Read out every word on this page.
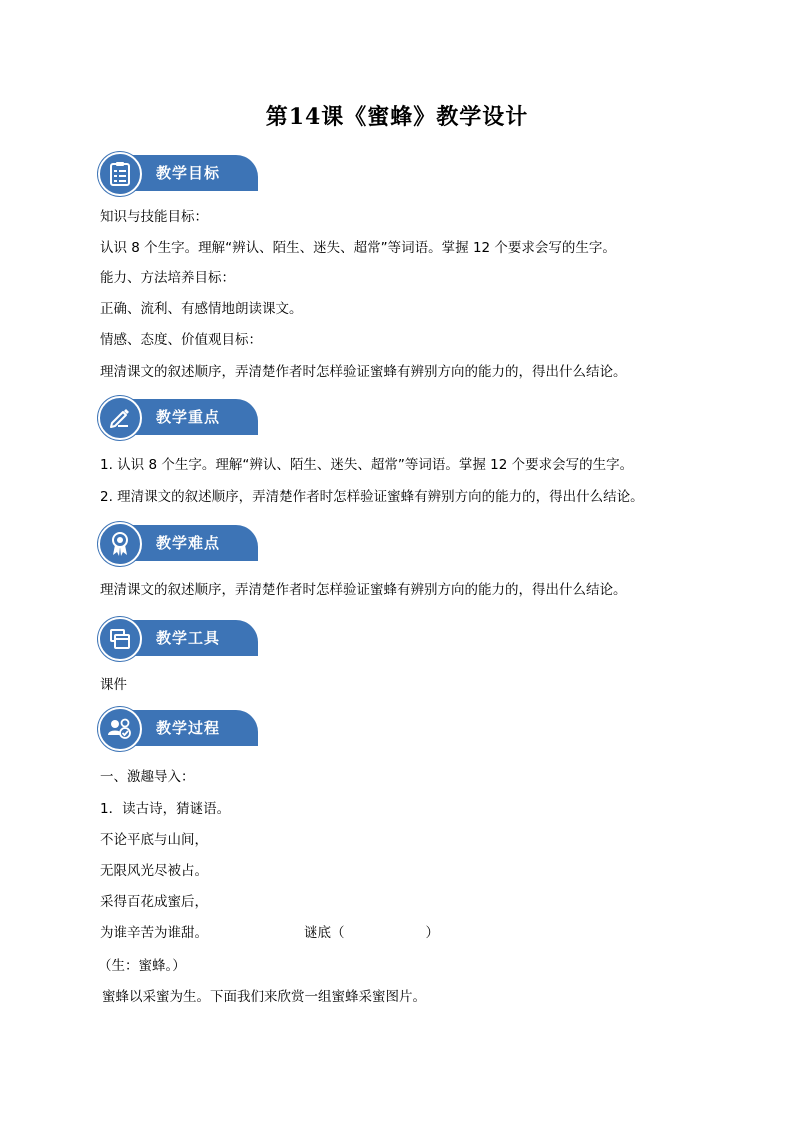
第14课《蜜蜂》教学设计
教学目标
知识与技能目标：
认识 8 个生字。理解“辨认、陌生、迷失、超常”等词语。掌握 12 个要求会写的生字。
能力、方法培养目标：
正确、流利、有感情地朗读课文。
情感、态度、价值观目标：
理清课文的叙述顺序，弄清楚作者时怎样验证蜜蜂有辨别方向的能力的，得出什么结论。
教学重点
1. 认识 8 个生字。理解“辨认、陌生、迷失、超常”等词语。掌握 12 个要求会写的生字。
2. 理清课文的叙述顺序，弄清楚作者时怎样验证蜜蜂有辨别方向的能力的，得出什么结论。
教学难点
理清课文的叙述顺序，弄清楚作者时怎样验证蜜蜂有辨别方向的能力的，得出什么结论。
教学工具
课件
教学过程
一、激趣导入：
1．读古诗，猜谜语。
不论平底与山间，
无限风光尽被占。
采得百花成蜜后，
为谁辛苦为谁甜。	谜底（　　　　　　）
（生：蜜蜂。）
蜜蜂以采蜜为生。下面我们来欣赏一组蜜蜂采蜜图片。
